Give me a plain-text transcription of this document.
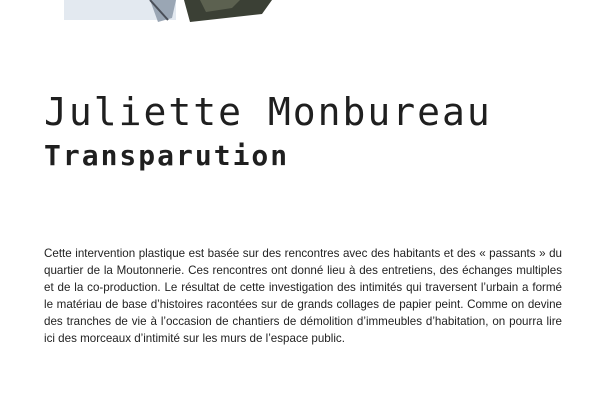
Juliette Monbureau
Transparution

Cette intervention plastique est basée sur des rencontres avec des habitants et des « passants » du quartier de la Moutonnerie. Ces rencontres ont donné lieu à des entretiens, des échanges multiples et de la co-production. Le résultat de cette investigation des intimités qui traversent l’urbain a formé le matériau de base d’histoires racontées sur de grands collages de papier peint. Comme on devine des tranches de vie à l’occasion de chantiers de démolition d’immeubles d’habitation, on pourra lire ici des morceaux d’intimité sur les murs de l’espace public.
